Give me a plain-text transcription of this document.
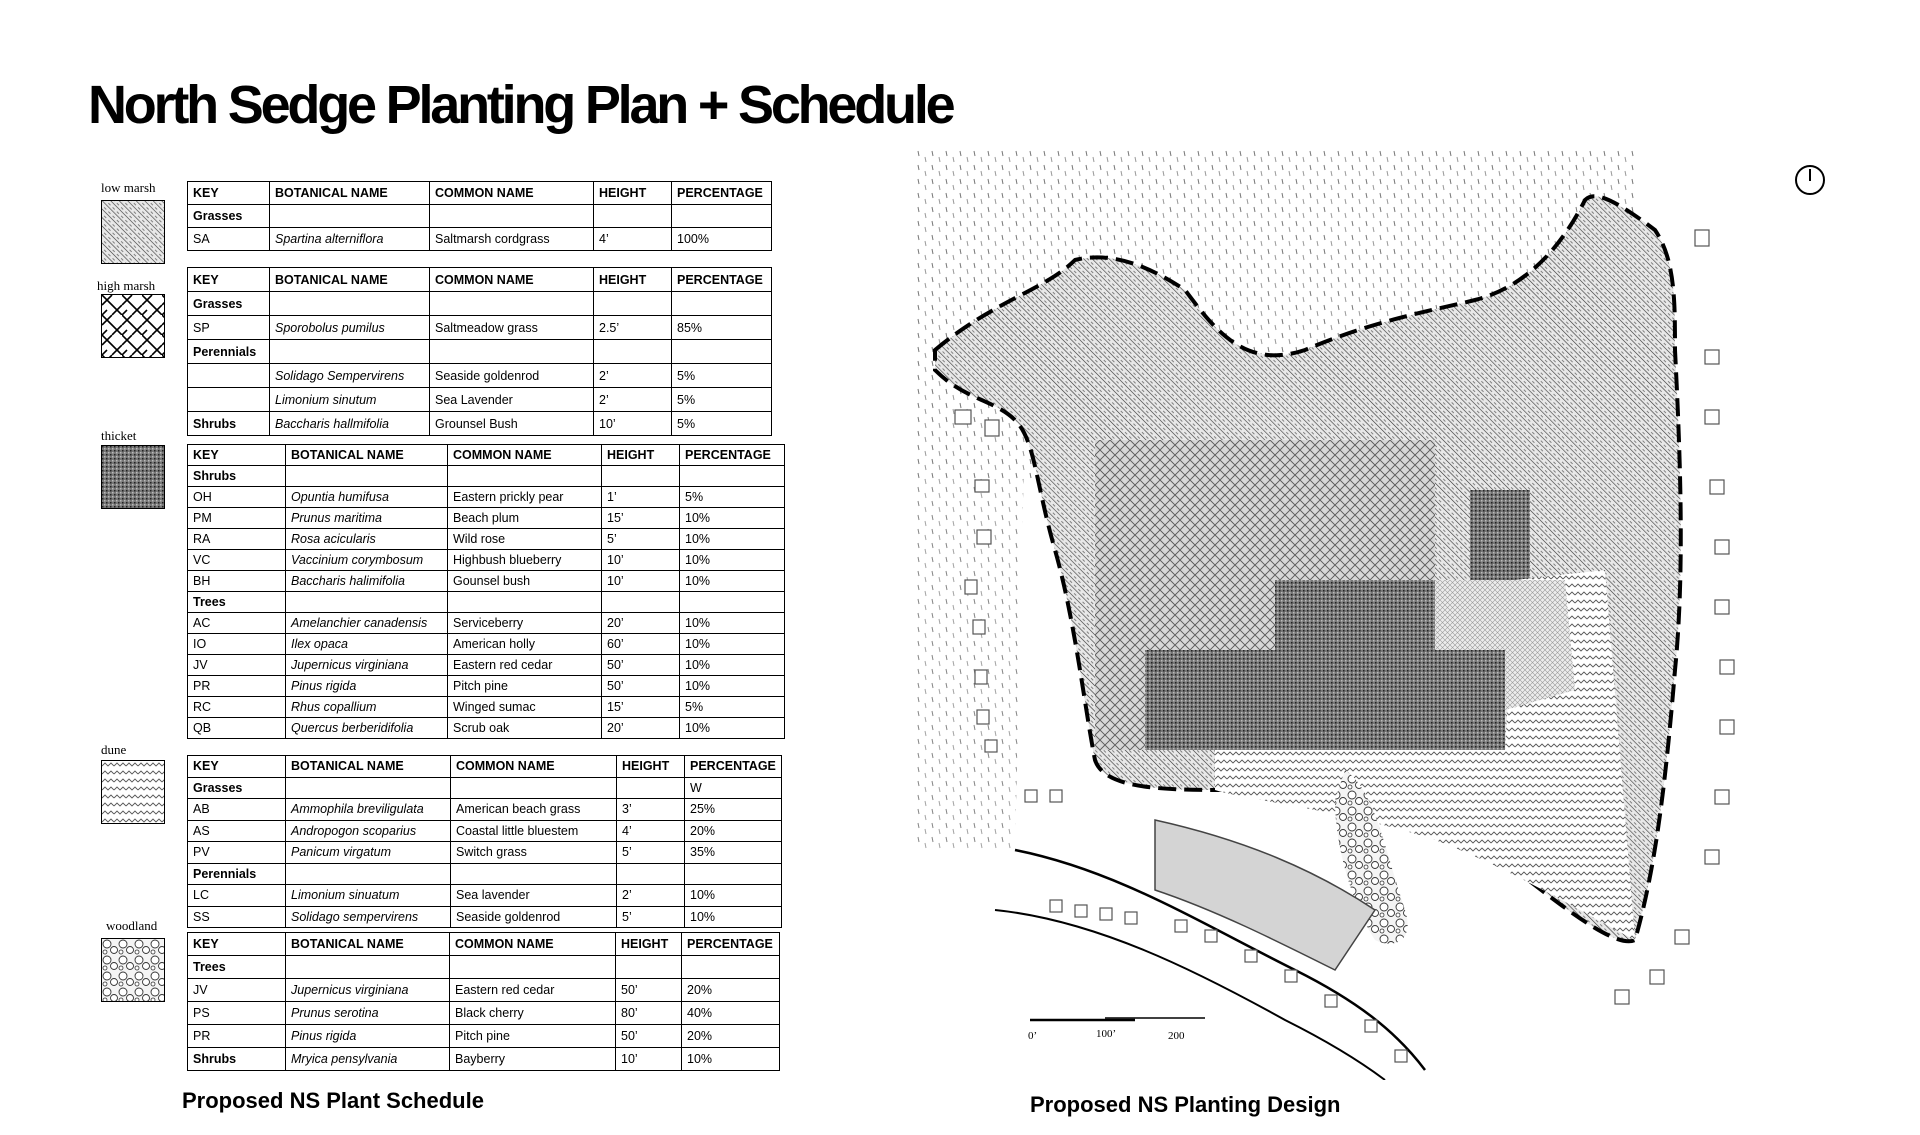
North Sedge Planting Plan + Schedule
low marsh	KEY	BOTANICAL NAME	COMMON NAME	HEIGHT	PERCENTAGE
Grasses				
SA	Spartina alterniflora	Saltmarsh cordgrass	4’	100%
high marsh	KEY	BOTANICAL NAME	COMMON NAME	HEIGHT	PERCENTAGE
Grasses				
SP	Sporobolus pumilus	Saltmeadow grass	2.5’	85%
Perennials				
	Solidago Sempervirens	Seaside goldenrod	2’	5%
	Limonium sinutum	Sea Lavender	2’	5%
Shrubs	Baccharis hallmifolia	Grounsel Bush	10’	5%
thicket
KEY	BOTANICAL NAME	COMMON NAME	HEIGHT	PERCENTAGE
Shrubs				
OH	Opuntia humifusa	Eastern prickly pear	1’	5%
PM	Prunus maritima	Beach plum	15’	10%
RA	Rosa acicularis	Wild rose	5’	10%
VC	Vaccinium corymbosum	Highbush blueberry	10’	10%
BH	Baccharis halimifolia	Gounsel bush	10’	10%
Trees				
AC	Amelanchier canadensis	Serviceberry	20’	10%
IO	Ilex opaca	American holly	60’	10%
JV	Jupernicus virginiana	Eastern red cedar	50’	10%
PR	Pinus rigida	Pitch pine	50’	10%
RC	Rhus copallium	Winged sumac	15’	5%
QB	Quercus berberidifolia	Scrub oak	20’	10%
dune
KEY	BOTANICAL NAME	COMMON NAME	HEIGHT	PERCENTAGE
Grasses				W
AB	Ammophila breviligulata	American beach grass	3’	25%
AS	Andropogon scoparius	Coastal little bluestem	4’	20%
PV	Panicum virgatum	Switch grass	5’	35%
Perennials				
LC	Limonium sinuatum	Sea lavender	2’	10%
SS	Solidago sempervirens	Seaside goldenrod	5’	10%
woodland
KEY	BOTANICAL NAME	COMMON NAME	HEIGHT	PERCENTAGE
Trees				
JV	Jupernicus virginiana	Eastern red cedar	50’	20%
PS	Prunus serotina	Black cherry	80’	40%
PR	Pinus rigida	Pitch pine	50’	20%
Shrubs	Mryica pensylvania	Bayberry	10’	10%
Proposed NS Plant Schedule
0’	100’	200
Proposed NS Planting Design
